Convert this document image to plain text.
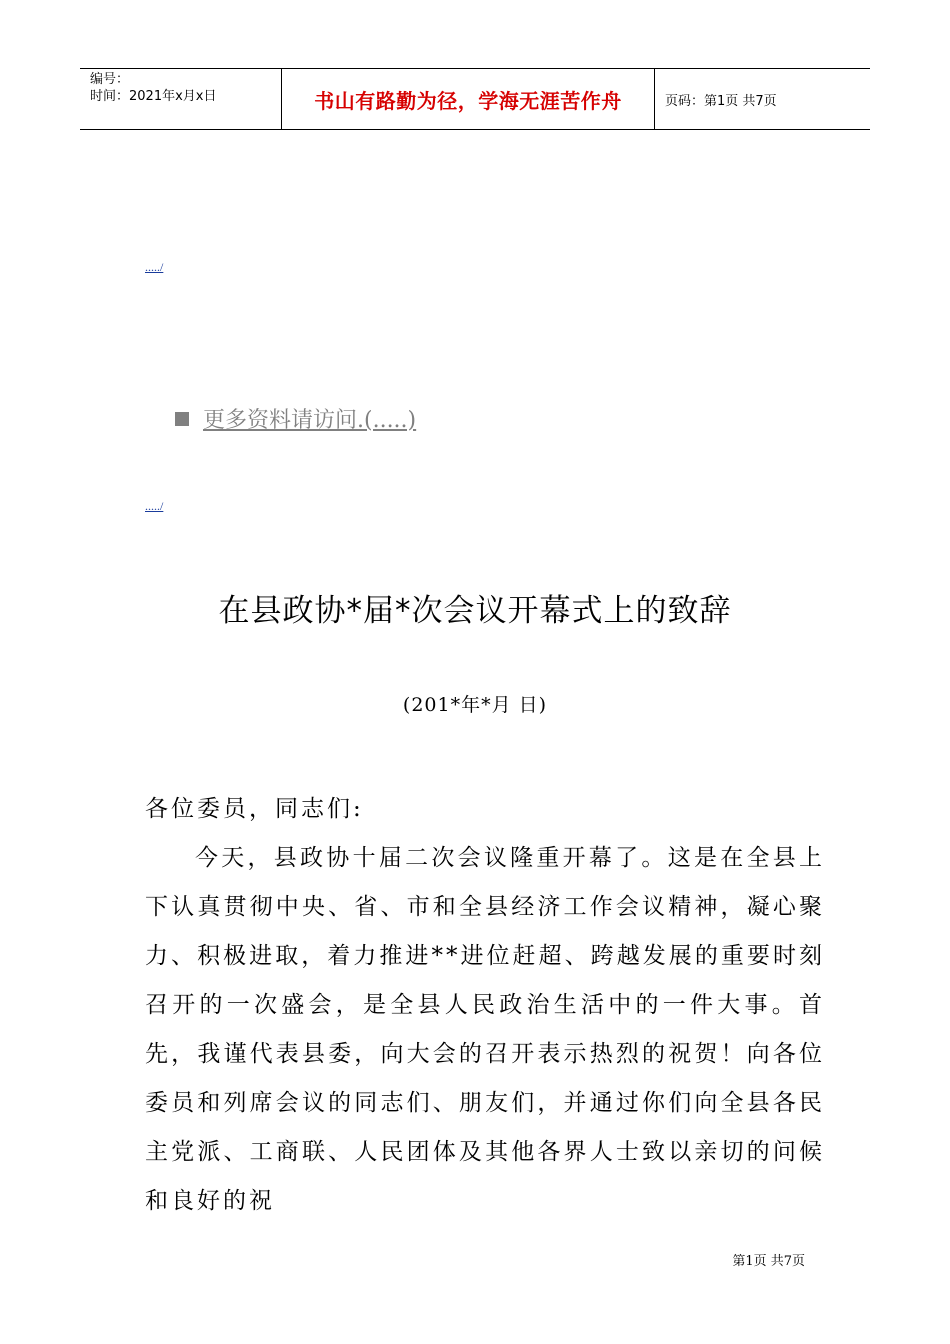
编号：
时间：2021年x月x日	书山有路勤为径，学海无涯苦作舟	页码：第1页 共7页
...../
更多资料请访问.(.....)
...../
在县政协*届*次会议开幕式上的致辞
(201*年*月 日)

各位委员，同志们:

今天，县政协十届二次会议隆重开幕了。这是在全县上下认真贯彻中央、省、市和全县经济工作会议精神，凝心聚力、积极进取，着力推进**进位赶超、跨越发展的重要时刻召开的一次盛会，是全县人民政治生活中的一件大事。首先，我谨代表县委，向大会的召开表示热烈的祝贺！向各位委员和列席会议的同志们、朋友们，并通过你们向全县各民主党派、工商联、人民团体及其他各界人士致以亲切的问候和良好的祝

第1页 共7页
